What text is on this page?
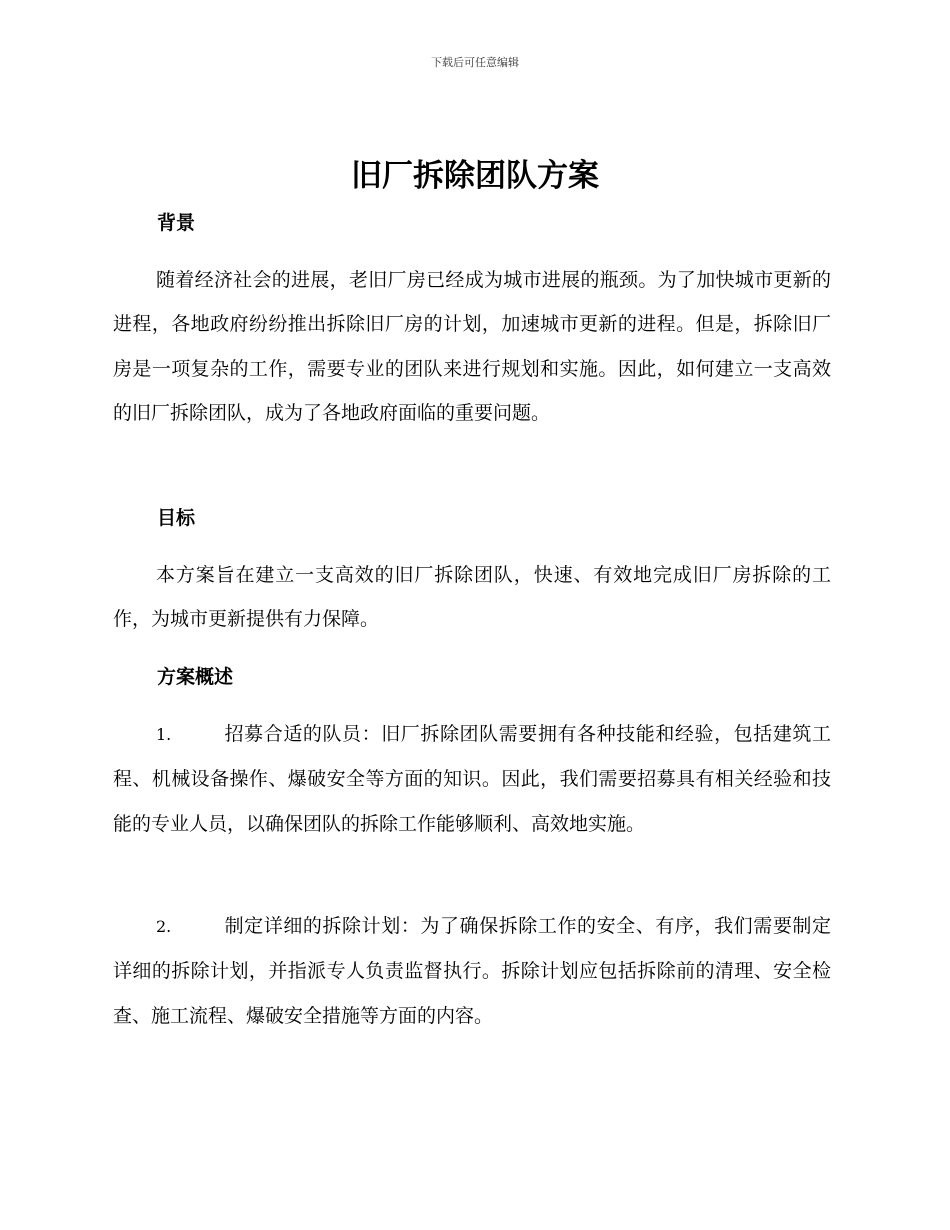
下载后可任意编辑
旧厂拆除团队方案
背景

随着经济社会的进展，老旧厂房已经成为城市进展的瓶颈。为了加快城市更新的进程，各地政府纷纷推出拆除旧厂房的计划，加速城市更新的进程。但是，拆除旧厂房是一项复杂的工作，需要专业的团队来进行规划和实施。因此，如何建立一支高效的旧厂拆除团队，成为了各地政府面临的重要问题。

目标

本方案旨在建立一支高效的旧厂拆除团队，快速、有效地完成旧厂房拆除的工作，为城市更新提供有力保障。

方案概述

1.	招募合适的队员：旧厂拆除团队需要拥有各种技能和经验，包括建筑工程、机械设备操作、爆破安全等方面的知识。因此，我们需要招募具有相关经验和技能的专业人员，以确保团队的拆除工作能够顺利、高效地实施。

2.	制定详细的拆除计划：为了确保拆除工作的安全、有序，我们需要制定详细的拆除计划，并指派专人负责监督执行。拆除计划应包括拆除前的清理、安全检查、施工流程、爆破安全措施等方面的内容。
